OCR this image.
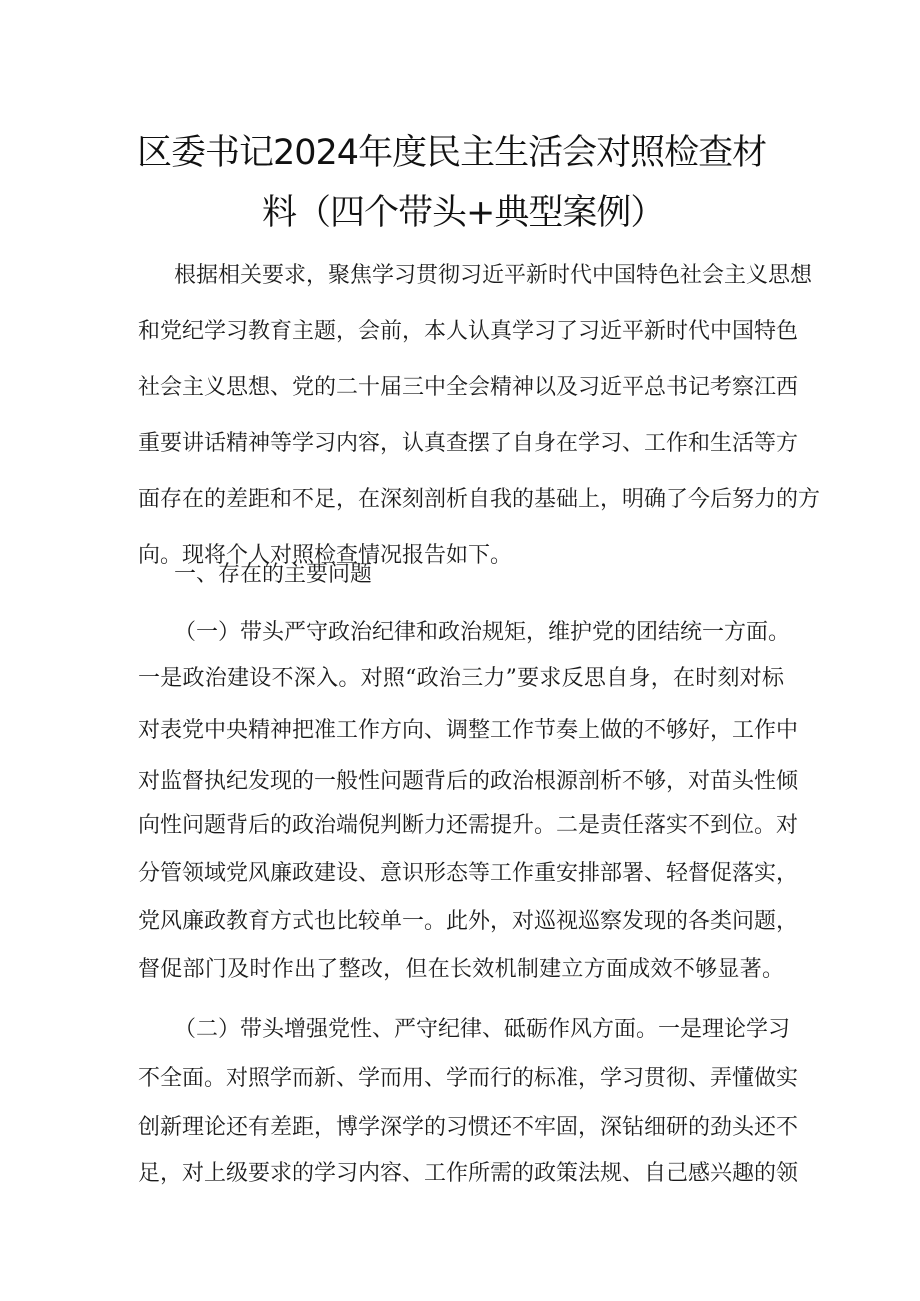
区委书记2024年度民主生活会对照检查材
料（四个带头+典型案例）
根据相关要求，聚焦学习贯彻习近平新时代中国特色社会主义思想
和党纪学习教育主题，会前，本人认真学习了习近平新时代中国特色
社会主义思想、党的二十届三中全会精神以及习近平总书记考察江西
重要讲话精神等学习内容，认真查摆了自身在学习、工作和生活等方
面存在的差距和不足，在深刻剖析自我的基础上，明确了今后努力的方
向。现将个人对照检查情况报告如下。
一、存在的主要问题
（一）带头严守政治纪律和政治规矩，维护党的团结统一方面。
一是政治建设不深入。对照“政治三力”要求反思自身，在时刻对标
对表党中央精神把准工作方向、调整工作节奏上做的不够好，工作中
对监督执纪发现的一般性问题背后的政治根源剖析不够，对苗头性倾
向性问题背后的政治端倪判断力还需提升。二是责任落实不到位。对
分管领域党风廉政建设、意识形态等工作重安排部署、轻督促落实，
党风廉政教育方式也比较单一。此外，对巡视巡察发现的各类问题，
督促部门及时作出了整改，但在长效机制建立方面成效不够显著。
（二）带头增强党性、严守纪律、砥砺作风方面。一是理论学习
不全面。对照学而新、学而用、学而行的标准，学习贯彻、弄懂做实
创新理论还有差距，博学深学的习惯还不牢固，深钻细研的劲头还不
足，对上级要求的学习内容、工作所需的政策法规、自己感兴趣的领
